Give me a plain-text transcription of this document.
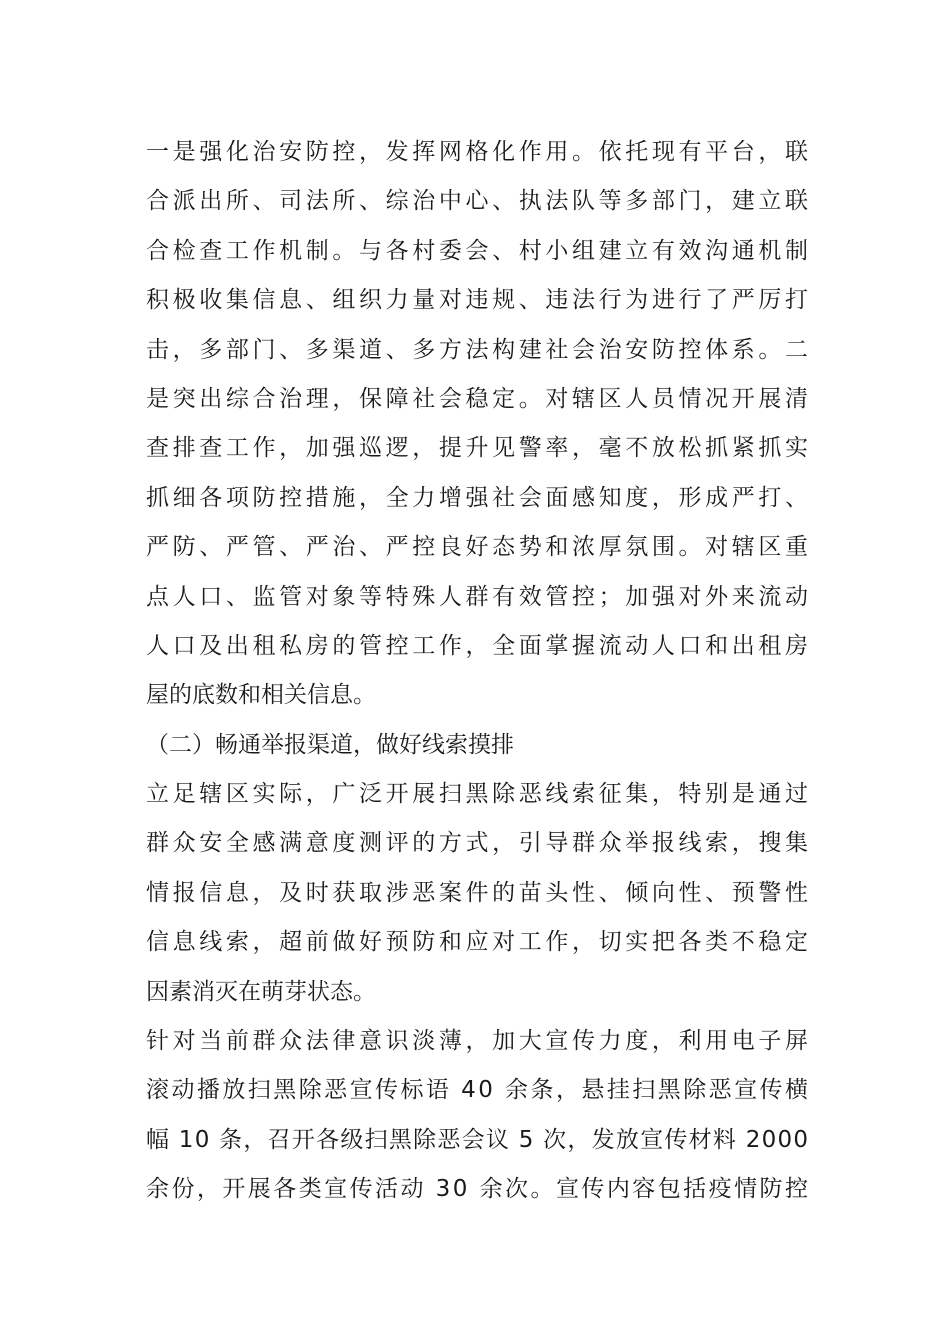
一是强化治安防控，发挥网格化作用。依托现有平台，联
合派出所、司法所、综治中心、执法队等多部门，建立联
合检查工作机制。与各村委会、村小组建立有效沟通机制
积极收集信息、组织力量对违规、违法行为进行了严厉打
击，多部门、多渠道、多方法构建社会治安防控体系。二
是突出综合治理，保障社会稳定。对辖区人员情况开展清
查排查工作，加强巡逻，提升见警率，毫不放松抓紧抓实
抓细各项防控措施，全力增强社会面感知度，形成严打、
严防、严管、严治、严控良好态势和浓厚氛围。对辖区重
点人口、监管对象等特殊人群有效管控；加强对外来流动
人口及出租私房的管控工作，全面掌握流动人口和出租房
屋的底数和相关信息。
（二）畅通举报渠道，做好线索摸排
立足辖区实际，广泛开展扫黑除恶线索征集，特别是通过
群众安全感满意度测评的方式，引导群众举报线索，搜集
情报信息，及时获取涉恶案件的苗头性、倾向性、预警性
信息线索，超前做好预防和应对工作，切实把各类不稳定
因素消灭在萌芽状态。
针对当前群众法律意识淡薄，加大宣传力度，利用电子屏
滚动播放扫黑除恶宣传标语 40 余条，悬挂扫黑除恶宣传横
幅 10 条，召开各级扫黑除恶会议 5 次，发放宣传材料 2000
余份，开展各类宣传活动 30 余次。宣传内容包括疫情防控
